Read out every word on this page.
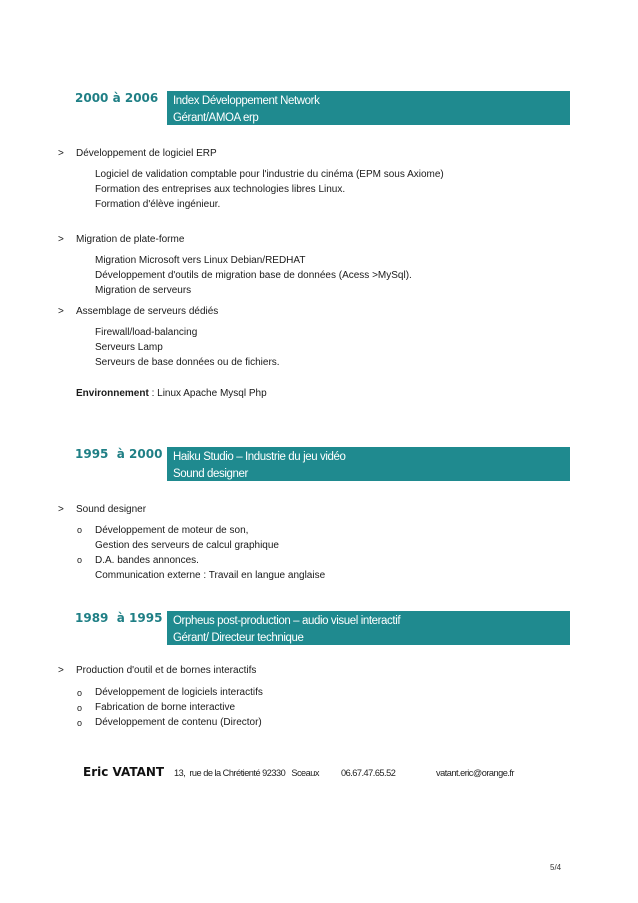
2000 à 2006 Index Développement Network
Gérant/AMOA erp
> Développement de logiciel ERP
Logiciel de validation comptable pour l'industrie du cinéma (EPM sous Axiome)
Formation des entreprises aux technologies libres Linux.
Formation d'élève ingénieur.
> Migration de plate-forme
Migration Microsoft vers Linux Debian/REDHAT
Développement d'outils de migration base de données (Acess >MySql).
Migration de serveurs
> Assemblage de serveurs dédiés
Firewall/load-balancing
Serveurs Lamp
Serveurs de base données ou de fichiers.
Environnement : Linux Apache Mysql Php
1995  à 2000 Haiku Studio – Industrie du jeu vidéo
Sound designer
> Sound designer
o Développement de moteur de son,
Gestion des serveurs de calcul graphique
o D.A. bandes annonces.
Communication externe : Travail en langue anglaise
1989  à 1995 Orpheus post-production – audio visuel interactif
Gérant/ Directeur technique
> Production d'outil et de bornes interactifs
o Développement de logiciels interactifs
o Fabrication de borne interactive
o Développement de contenu (Director)
Eric VATANT 13,  rue de la Chrétienté 92330   Sceaux 06.67.47.65.52	vatant.eric@orange.fr
5/4
